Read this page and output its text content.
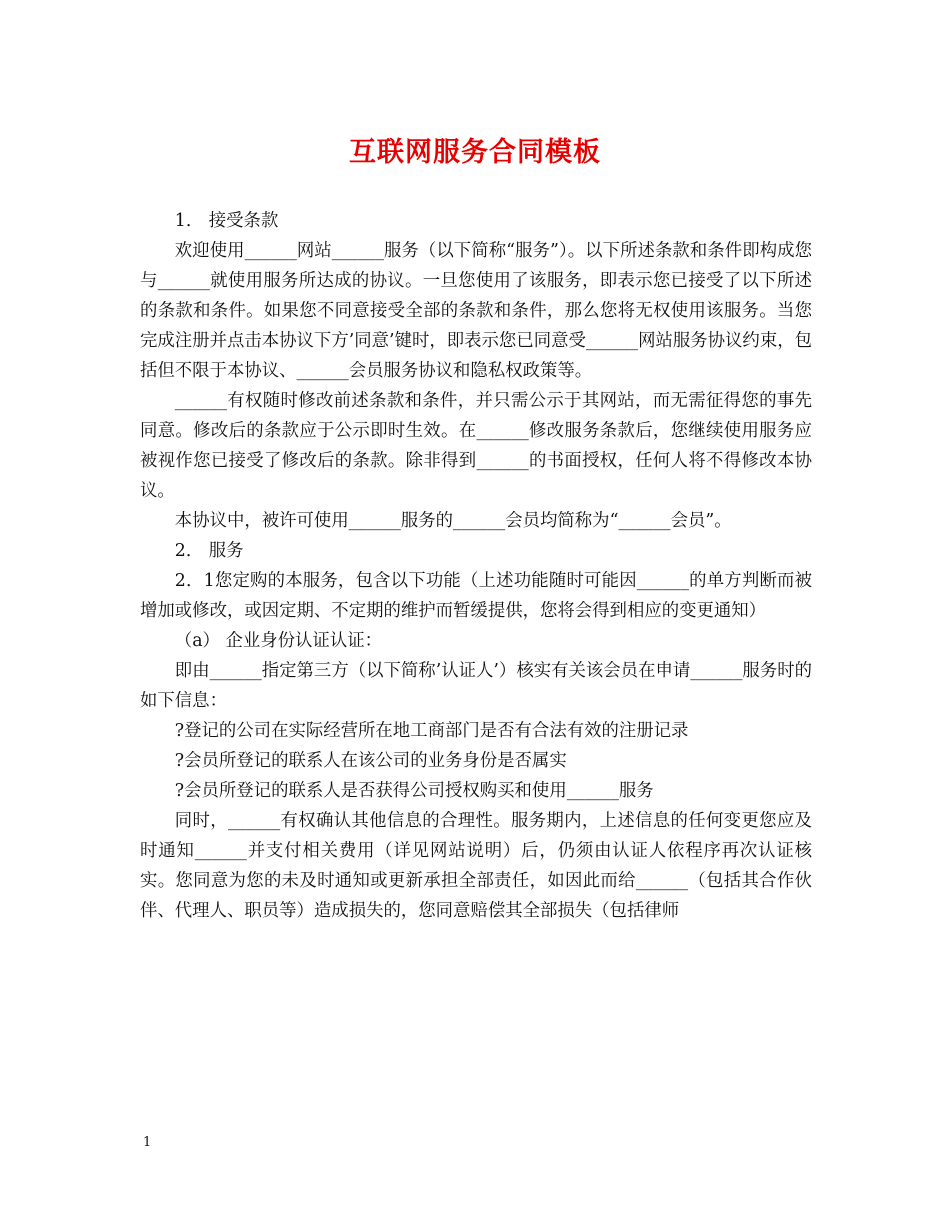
互联网服务合同模板

1． 接受条款

欢迎使用______网站______服务（以下简称“服务”）。以下所述条款和条件即构成您与______就使用服务所达成的协议。一旦您使用了该服务，即表示您已接受了以下所述的条款和条件。如果您不同意接受全部的条款和条件，那么您将无权使用该服务。当您完成注册并点击本协议下方’同意’键时，即表示您已同意受______网站服务协议约束，包括但不限于本协议、______会员服务协议和隐私权政策等。

______有权随时修改前述条款和条件，并只需公示于其网站，而无需征得您的事先同意。修改后的条款应于公示即时生效。在______修改服务条款后，您继续使用服务应被视作您已接受了修改后的条款。除非得到______的书面授权，任何人将不得修改本协议。

本协议中，被许可使用______服务的______会员均简称为“______会员”。

2． 服务

2．1您定购的本服务，包含以下功能（上述功能随时可能因______的单方判断而被增加或修改，或因定期、不定期的维护而暂缓提供，您将会得到相应的变更通知）

（a） 企业身份认证认证：

即由______指定第三方（以下简称’认证人’）核实有关该会员在申请______服务时的如下信息：

?登记的公司在实际经营所在地工商部门是否有合法有效的注册记录

?会员所登记的联系人在该公司的业务身份是否属实

?会员所登记的联系人是否获得公司授权购买和使用______服务

同时，______有权确认其他信息的合理性。服务期内，上述信息的任何变更您应及时通知______并支付相关费用（详见网站说明）后，仍须由认证人依程序再次认证核实。您同意为您的未及时通知或更新承担全部责任，如因此而给______（包括其合作伙伴、代理人、职员等）造成损失的，您同意赔偿其全部损失（包括律师

1
